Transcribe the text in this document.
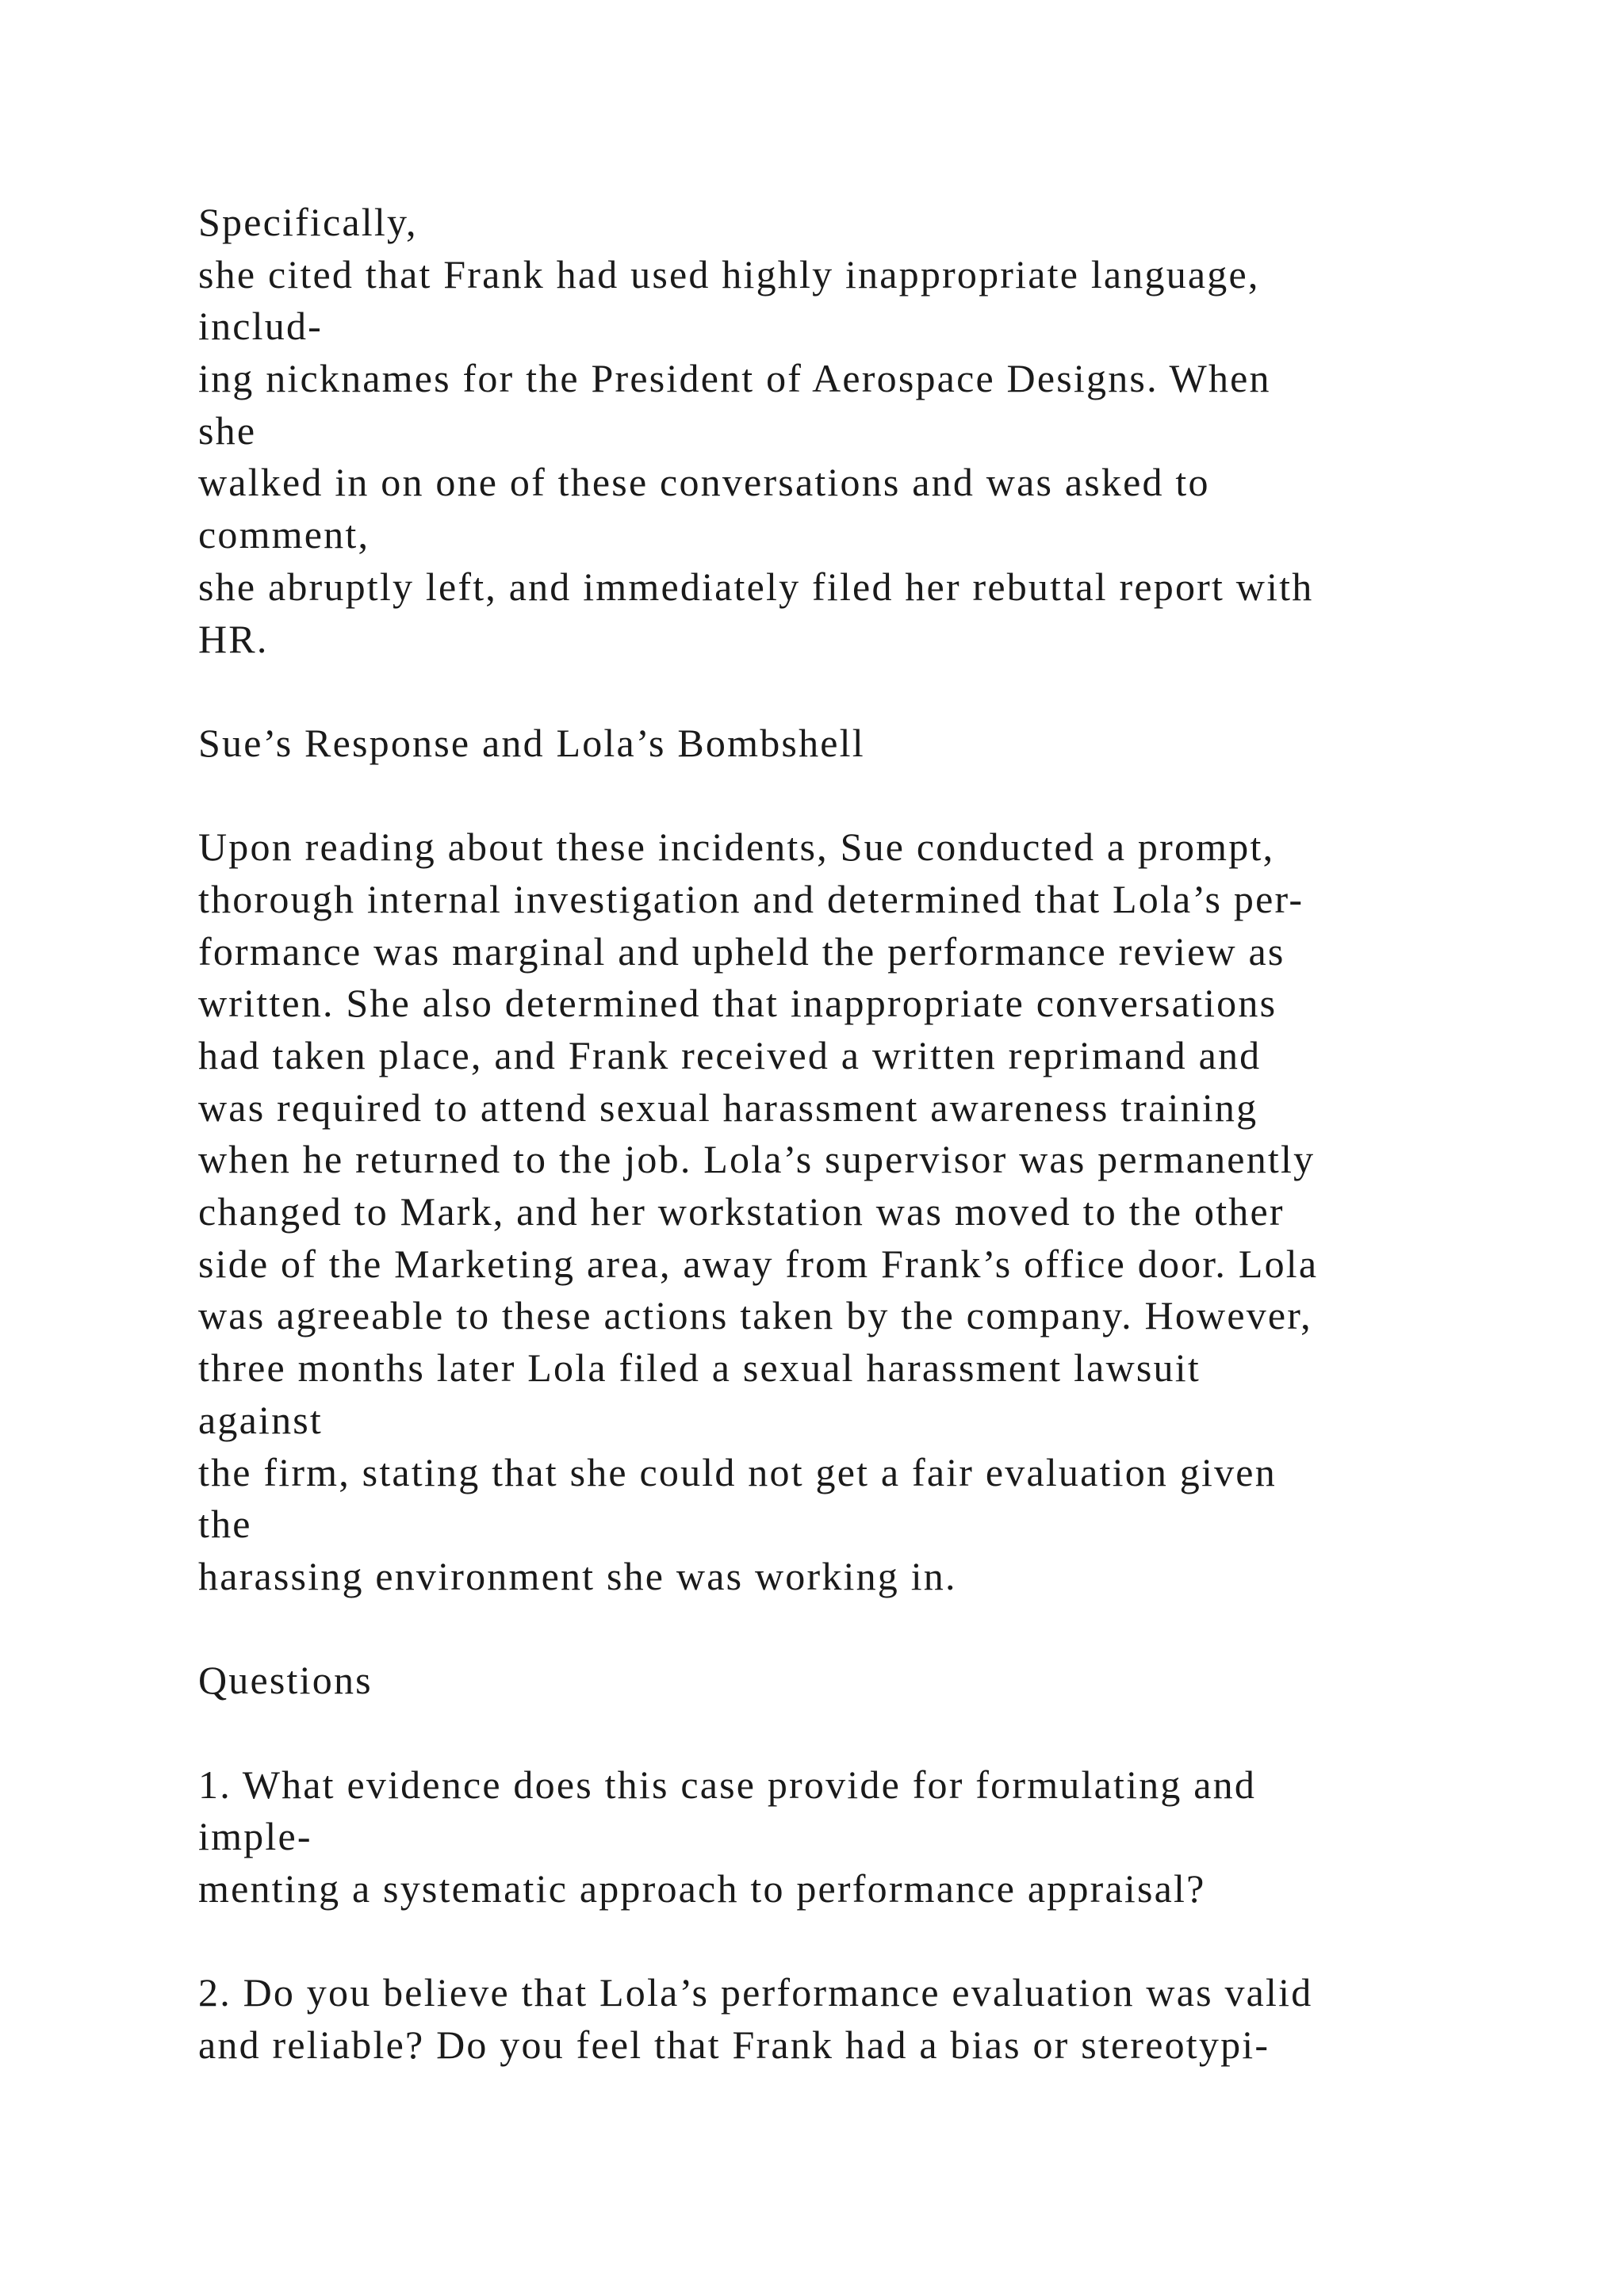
Specifically,
she cited that Frank had used highly inappropriate language,
includ-
ing nicknames for the President of Aerospace Designs. When
she
walked in on one of these conversations and was asked to
comment,
she abruptly left, and immediately filed her rebuttal report with
HR.
Sue’s Response and Lola’s Bombshell
Upon reading about these incidents, Sue conducted a prompt,
thorough internal investigation and determined that Lola’s per-
formance was marginal and upheld the performance review as
written. She also determined that inappropriate conversations
had taken place, and Frank received a written reprimand and
was required to attend sexual harassment awareness training
when he returned to the job. Lola’s supervisor was permanently
changed to Mark, and her workstation was moved to the other
side of the Marketing area, away from Frank’s office door. Lola
was agreeable to these actions taken by the company. However,
three months later Lola filed a sexual harassment lawsuit
against
the firm, stating that she could not get a fair evaluation given
the
harassing environment she was working in.
Questions
1. What evidence does this case provide for formulating and
imple-
menting a systematic approach to performance appraisal?
2. Do you believe that Lola’s performance evaluation was valid
and reliable? Do you feel that Frank had a bias or stereotypi-
